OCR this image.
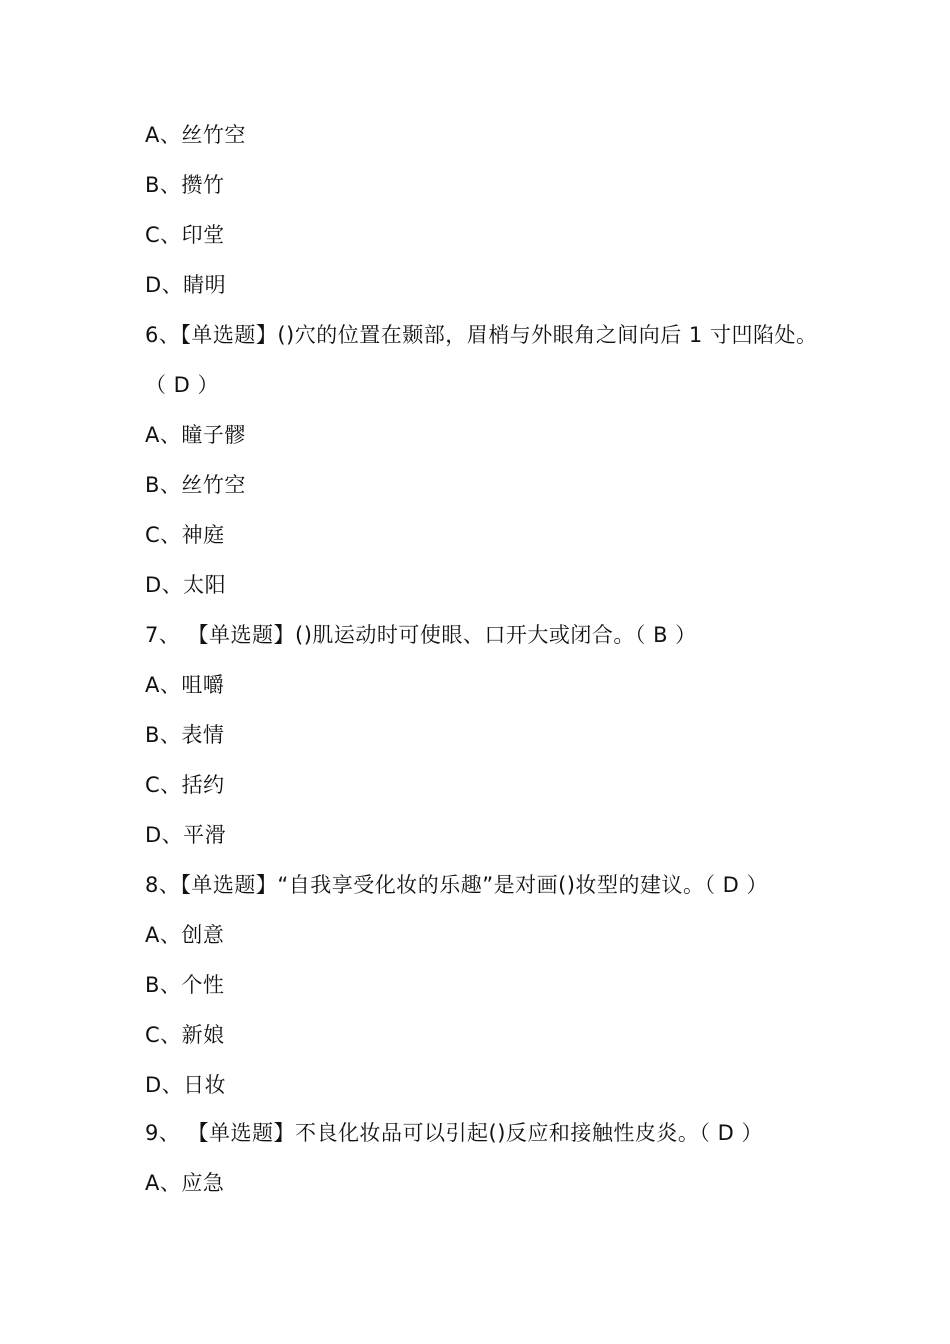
A、丝竹空
B、攒竹
C、印堂
D、睛明
6、【单选题】()穴的位置在颞部，眉梢与外眼角之间向后 1 寸凹陷处。
（ D ）
A、瞳子髎
B、丝竹空
C、神庭
D、太阳
7、 【单选题】()肌运动时可使眼、口开大或闭合。（ B ）
A、咀嚼
B、表情
C、括约
D、平滑
8、【单选题】“自我享受化妆的乐趣”是对画()妆型的建议。（ D ）
A、创意
B、个性
C、新娘
D、日妆
9、 【单选题】不良化妆品可以引起()反应和接触性皮炎。（ D ）
A、应急
